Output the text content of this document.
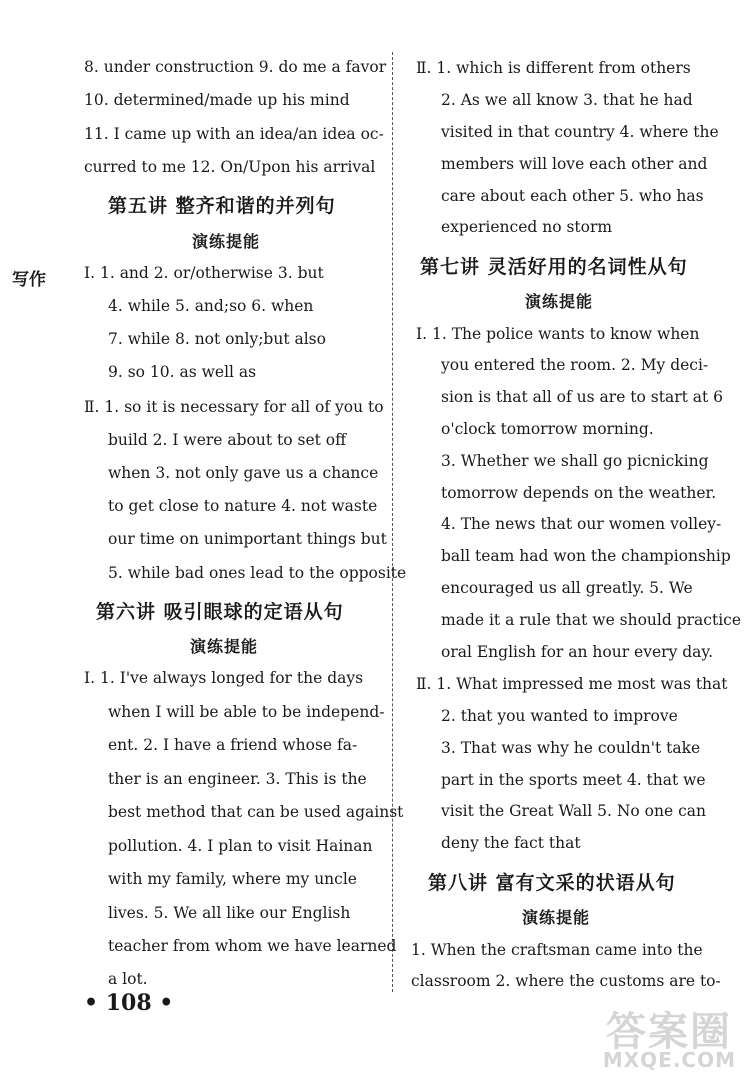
写作
8. under construction 9. do me a favor
10. determined/made up his mind
11. I came up with an idea/an idea oc-
curred to me 12. On/Upon his arrival
第五讲 整齐和谐的并列句
演练提能
Ⅰ. 1. and 2. or/otherwise 3. but
4. while 5. and;so 6. when
7. while 8. not only;but also
9. so 10. as well as
Ⅱ. 1. so it is necessary for all of you to
build 2. I were about to set off
when 3. not only gave us a chance
to get close to nature 4. not waste
our time on unimportant things but
5. while bad ones lead to the opposite
第六讲 吸引眼球的定语从句
演练提能
Ⅰ. 1. I've always longed for the days
when I will be able to be independ-
ent. 2. I have a friend whose fa-
ther is an engineer. 3. This is the
best method that can be used against
pollution. 4. I plan to visit Hainan
with my family, where my uncle
lives. 5. We all like our English
teacher from whom we have learned
a lot.
• 108 •
Ⅱ. 1. which is different from others
2. As we all know 3. that he had
visited in that country 4. where the
members will love each other and
care about each other 5. who has
experienced no storm
第七讲 灵活好用的名词性从句
演练提能
Ⅰ. 1. The police wants to know when
you entered the room. 2. My deci-
sion is that all of us are to start at 6
o'clock tomorrow morning.
3. Whether we shall go picnicking
tomorrow depends on the weather.
4. The news that our women volley-
ball team had won the championship
encouraged us all greatly. 5. We
made it a rule that we should practice
oral English for an hour every day.
Ⅱ. 1. What impressed me most was that
2. that you wanted to improve
3. That was why he couldn't take
part in the sports meet 4. that we
visit the Great Wall 5. No one can
deny the fact that
第八讲 富有文采的状语从句
演练提能
1. When the craftsman came into the
classroom 2. where the customs are to-
答案圈
MXQE.COM
